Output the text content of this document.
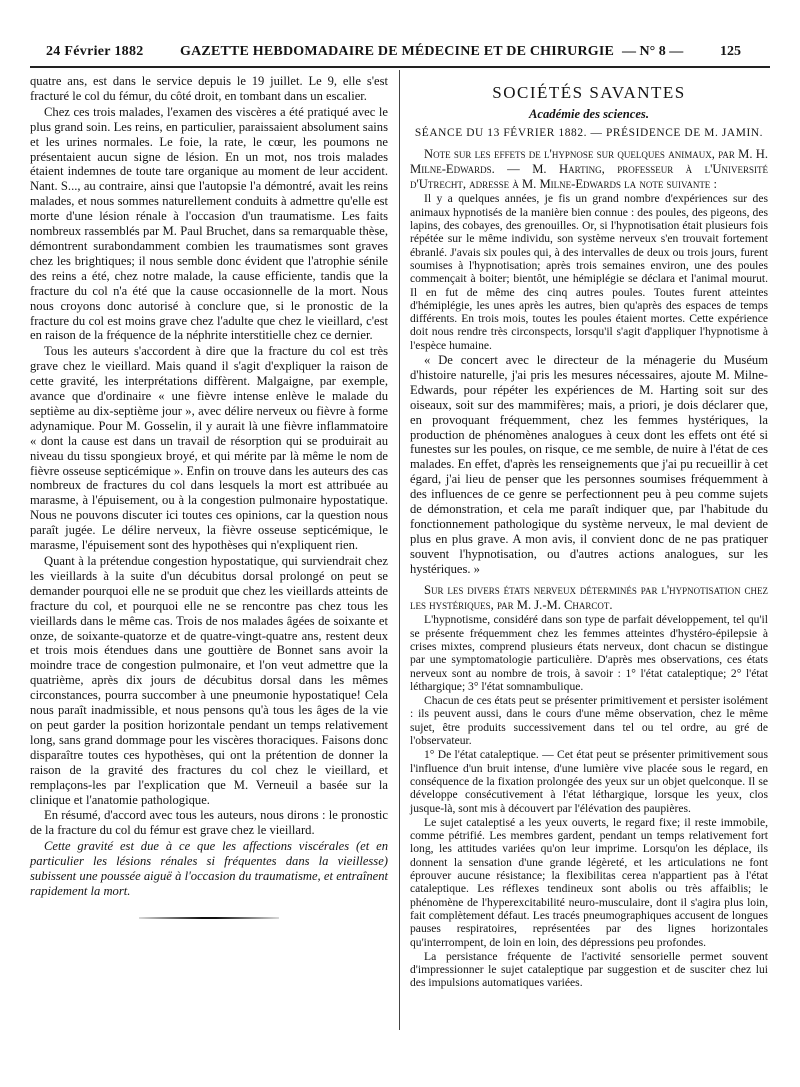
24 Février 1882	GAZETTE HEBDOMADAIRE DE MÉDECINE ET DE CHIRURGIE — N° 8 —	125

quatre ans, est dans le service depuis le 19 juillet. Le 9, elle s'est fracturé le col du fémur, du côté droit, en tombant dans un escalier.

Chez ces trois malades, l'examen des viscères a été pratiqué avec le plus grand soin. Les reins, en particulier, paraissaient absolument sains et les urines normales. Le foie, la rate, le cœur, les poumons ne présentaient aucun signe de lésion. En un mot, nos trois malades étaient indemnes de toute tare organique au moment de leur accident. Nant. S..., au contraire, ainsi que l'autopsie l'a démontré, avait les reins malades, et nous sommes naturellement conduits à admettre qu'elle est morte d'une lésion rénale à l'occasion d'un traumatisme. Les faits nombreux rassemblés par M. Paul Bruchet, dans sa remarquable thèse, démontrent surabondamment combien les traumatismes sont graves chez les brightiques; il nous semble donc évident que l'atrophie sénile des reins a été, chez notre malade, la cause efficiente, tandis que la fracture du col n'a été que la cause occasionnelle de la mort. Nous nous croyons donc autorisé à conclure que, si le pronostic de la fracture du col est moins grave chez l'adulte que chez le vieillard, c'est en raison de la fréquence de la néphrite interstitielle chez ce dernier.

Tous les auteurs s'accordent à dire que la fracture du col est très grave chez le vieillard. Mais quand il s'agit d'expliquer la raison de cette gravité, les interprétations diffèrent. Malgaigne, par exemple, avance que d'ordinaire « une fièvre intense enlève le malade du septième au dix-septième jour », avec délire nerveux ou fièvre à forme adynamique. Pour M. Gosselin, il y aurait là une fièvre inflammatoire « dont la cause est dans un travail de résorption qui se produirait au niveau du tissu spongieux broyé, et qui mérite par là même le nom de fièvre osseuse septicémique ». Enfin on trouve dans les auteurs des cas nombreux de fractures du col dans lesquels la mort est attribuée au marasme, à l'épuisement, ou à la congestion pulmonaire hypostatique. Nous ne pouvons discuter ici toutes ces opinions, car la question nous paraît jugée. Le délire nerveux, la fièvre osseuse septicémique, le marasme, l'épuisement sont des hypothèses qui n'expliquent rien.

Quant à la prétendue congestion hypostatique, qui surviendrait chez les vieillards à la suite d'un décubitus dorsal prolongé on peut se demander pourquoi elle ne se produit que chez les vieillards atteints de fracture du col, et pourquoi elle ne se rencontre pas chez tous les vieillards dans le même cas. Trois de nos malades âgées de soixante et onze, de soixante-quatorze et de quatre-vingt-quatre ans, restent deux et trois mois étendues dans une gouttière de Bonnet sans avoir la moindre trace de congestion pulmonaire, et l'on veut admettre que la quatrième, après dix jours de décubitus dorsal dans les mêmes circonstances, pourra succomber à une pneumonie hypostatique! Cela nous paraît inadmissible, et nous pensons qu'à tous les âges de la vie on peut garder la position horizontale pendant un temps relativement long, sans grand dommage pour les viscères thoraciques. Faisons donc disparaître toutes ces hypothèses, qui ont la prétention de donner la raison de la gravité des fractures du col chez le vieillard, et remplaçons-les par l'explication que M. Verneuil a basée sur la clinique et l'anatomie pathologique.

En résumé, d'accord avec tous les auteurs, nous dirons : le pronostic de la fracture du col du fémur est grave chez le vieillard.

Cette gravité est due à ce que les affections viscérales (et en particulier les lésions rénales si fréquentes dans la vieillesse) subissent une poussée aiguë à l'occasion du traumatisme, et entraînent rapidement la mort.

SOCIÉTÉS SAVANTES
Académie des sciences.
SÉANCE DU 13 FÉVRIER 1882. — PRÉSIDENCE DE M. JAMIN.

Note sur les effets de l'hypnose sur quelques animaux, par M. H. Milne-Edwards. — M. Harting, professeur à l'Université d'Utrecht, adresse à M. Milne-Edwards la note suivante :

Il y a quelques années, je fis un grand nombre d'expériences sur des animaux hypnotisés de la manière bien connue : des poules, des pigeons, des lapins, des cobayes, des grenouilles. Or, si l'hypnotisation était plusieurs fois répétée sur le même individu, son système nerveux s'en trouvait fortement ébranlé. J'avais six poules qui, à des intervalles de deux ou trois jours, furent soumises à l'hypnotisation; après trois semaines environ, une des poules commençait à boiter; bientôt, une hémiplégie se déclara et l'animal mourut. Il en fut de même des cinq autres poules. Toutes furent atteintes d'hémiplégie, les unes après les autres, bien qu'après des espaces de temps différents. En trois mois, toutes les poules étaient mortes. Cette expérience doit nous rendre très circonspects, lorsqu'il s'agit d'appliquer l'hypnotisme à l'espèce humaine.

« De concert avec le directeur de la ménagerie du Muséum d'histoire naturelle, j'ai pris les mesures nécessaires, ajoute M. Milne-Edwards, pour répéter les expériences de M. Harting soit sur des oiseaux, soit sur des mammifères; mais, a priori, je dois déclarer que, en provoquant fréquemment, chez les femmes hystériques, la production de phénomènes analogues à ceux dont les effets ont été si funestes sur les poules, on risque, ce me semble, de nuire à l'état de ces malades. En effet, d'après les renseignements que j'ai pu recueillir à cet égard, j'ai lieu de penser que les personnes soumises fréquemment à des influences de ce genre se perfectionnent peu à peu comme sujets de démonstration, et cela me paraît indiquer que, par l'habitude du fonctionnement pathologique du système nerveux, le mal devient de plus en plus grave. A mon avis, il convient donc de ne pas pratiquer souvent l'hypnotisation, ou d'autres actions analogues, sur les hystériques. »

Sur les divers états nerveux déterminés par l'hypnotisation chez les hystériques, par M. J.-M. Charcot.

L'hypnotisme, considéré dans son type de parfait développement, tel qu'il se présente fréquemment chez les femmes atteintes d'hystéro-épilepsie à crises mixtes, comprend plusieurs états nerveux, dont chacun se distingue par une symptomatologie particulière. D'après mes observations, ces états nerveux sont au nombre de trois, à savoir : 1° l'état cataleptique; 2° l'état léthargique; 3° l'état somnambulique.

Chacun de ces états peut se présenter primitivement et persister isolément : ils peuvent aussi, dans le cours d'une même observation, chez le même sujet, être produits successivement dans tel ou tel ordre, au gré de l'observateur.

1° De l'état cataleptique. — Cet état peut se présenter primitivement sous l'influence d'un bruit intense, d'une lumière vive placée sous le regard, en conséquence de la fixation prolongée des yeux sur un objet quelconque. Il se développe consécutivement à l'état léthargique, lorsque les yeux, clos jusque-là, sont mis à découvert par l'élévation des paupières.

Le sujet cataleptisé a les yeux ouverts, le regard fixe; il reste immobile, comme pétrifié. Les membres gardent, pendant un temps relativement fort long, les attitudes variées qu'on leur imprime. Lorsqu'on les déplace, ils donnent la sensation d'une grande légèreté, et les articulations ne font éprouver aucune résistance; la flexibilitas cerea n'appartient pas à l'état cataleptique. Les réflexes tendineux sont abolis ou très affaiblis; le phénomène de l'hyperexcitabilité neuro-musculaire, dont il s'agira plus loin, fait complètement défaut. Les tracés pneumographiques accusent de longues pauses respiratoires, représentées par des lignes horizontales qu'interrompent, de loin en loin, des dépressions peu profondes.

La persistance fréquente de l'activité sensorielle permet souvent d'impressionner le sujet cataleptique par suggestion et de susciter chez lui des impulsions automatiques variées.
